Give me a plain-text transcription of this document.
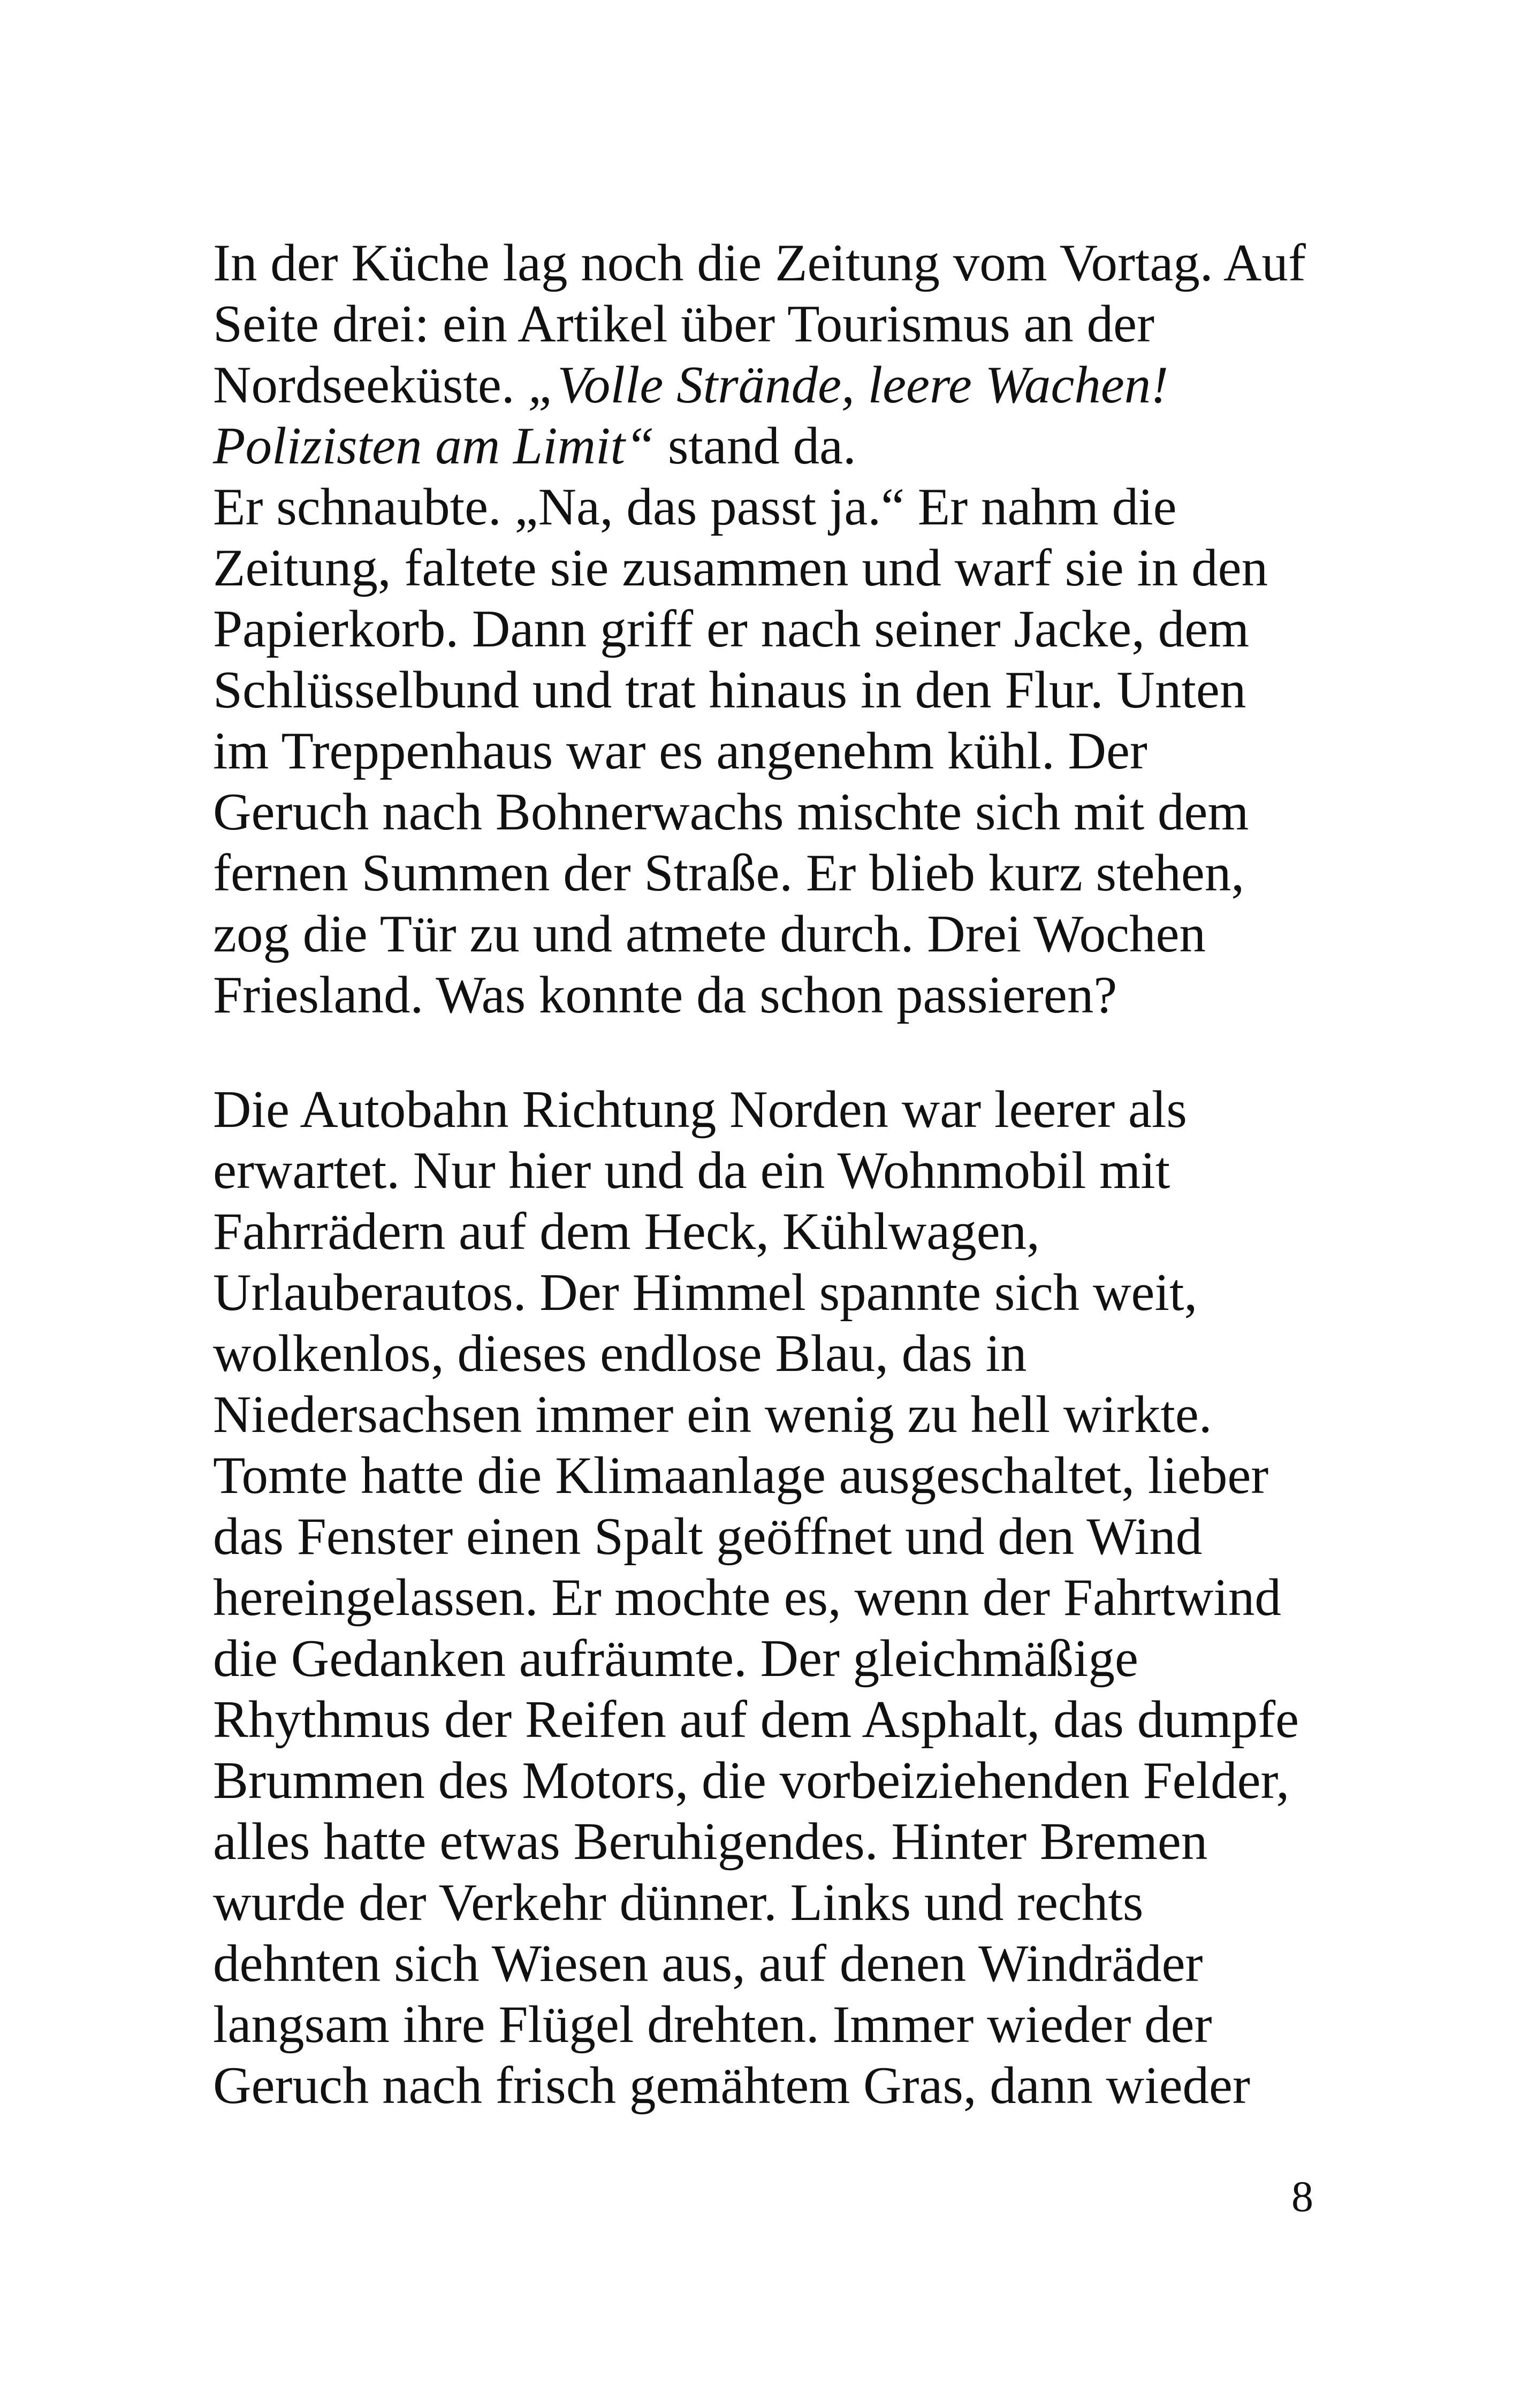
In der Küche lag noch die Zeitung vom Vortag. Auf
Seite drei: ein Artikel über Tourismus an der
Nordseeküste. „Volle Strände, leere Wachen!
Polizisten am Limit“ stand da.
Er schnaubte. „Na, das passt ja.“ Er nahm die
Zeitung, faltete sie zusammen und warf sie in den
Papierkorb. Dann griff er nach seiner Jacke, dem
Schlüsselbund und trat hinaus in den Flur. Unten
im Treppenhaus war es angenehm kühl. Der
Geruch nach Bohnerwachs mischte sich mit dem
fernen Summen der Straße. Er blieb kurz stehen,
zog die Tür zu und atmete durch. Drei Wochen
Friesland. Was konnte da schon passieren?
Die Autobahn Richtung Norden war leerer als
erwartet. Nur hier und da ein Wohnmobil mit
Fahrrädern auf dem Heck, Kühlwagen,
Urlauberautos. Der Himmel spannte sich weit,
wolkenlos, dieses endlose Blau, das in
Niedersachsen immer ein wenig zu hell wirkte.
Tomte hatte die Klimaanlage ausgeschaltet, lieber
das Fenster einen Spalt geöffnet und den Wind
hereingelassen. Er mochte es, wenn der Fahrtwind
die Gedanken aufräumte. Der gleichmäßige
Rhythmus der Reifen auf dem Asphalt, das dumpfe
Brummen des Motors, die vorbeiziehenden Felder,
alles hatte etwas Beruhigendes. Hinter Bremen
wurde der Verkehr dünner. Links und rechts
dehnten sich Wiesen aus, auf denen Windräder
langsam ihre Flügel drehten. Immer wieder der
Geruch nach frisch gemähtem Gras, dann wieder
8
